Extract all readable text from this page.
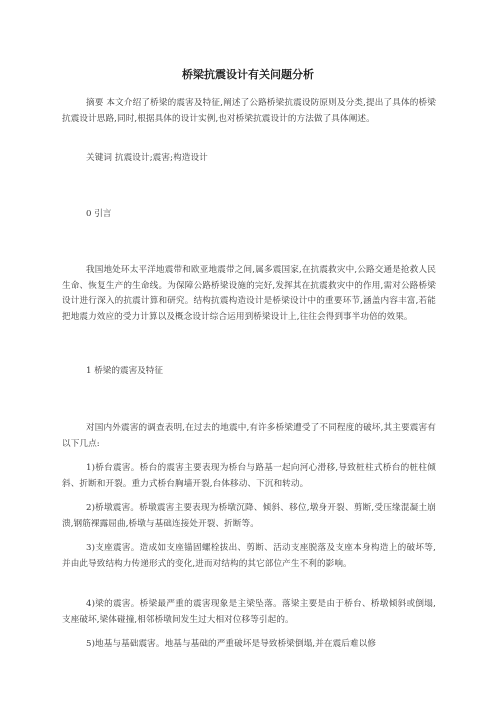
桥梁抗震设计有关问题分析

摘要 本文介绍了桥梁的震害及特征,阐述了公路桥梁抗震设防原则及分类,提出了具体的桥梁抗震设计思路,同时,根据具体的设计实例,也对桥梁抗震设计的方法做了具体阐述。

关键词 抗震设计;震害;构造设计

0 引言

我国地处环太平洋地震带和欧亚地震带之间,属多震国家,在抗震救灾中,公路交通是抢救人民生命、恢复生产的生命线。为保障公路桥梁设施的完好,发挥其在抗震救灾中的作用,需对公路桥梁设计进行深入的抗震计算和研究。结构抗震构造设计是桥梁设计中的重要环节,涵盖内容丰富,若能把地震力效应的受力计算以及概念设计综合运用到桥梁设计上,往往会得到事半功倍的效果。

1 桥梁的震害及特征

对国内外震害的调查表明,在过去的地震中,有许多桥梁遭受了不同程度的破坏,其主要震害有以下几点:

1)桥台震害。桥台的震害主要表现为桥台与路基一起向河心滑移,导致桩柱式桥台的桩柱倾斜、折断和开裂。重力式桥台胸墙开裂,台体移动、下沉和转动。

2)桥墩震害。桥墩震害主要表现为桥墩沉降、倾斜、移位,墩身开裂、剪断,受压缘混凝土崩溃,钢筋裸露屈曲,桥墩与基础连接处开裂、折断等。

3)支座震害。造成如支座锚固螺栓拔出、剪断、活动支座脱落及支座本身构造上的破坏等,并由此导致结构力传递形式的变化,进而对结构的其它部位产生不利的影响。

4)梁的震害。桥梁最严重的震害现象是主梁坠落。落梁主要是由于桥台、桥墩倾斜或倒塌,支座破坏,梁体碰撞,相邻桥墩间发生过大相对位移等引起的。

5)地基与基础震害。地基与基础的严重破坏是导致桥梁倒塌,并在震后难以修
